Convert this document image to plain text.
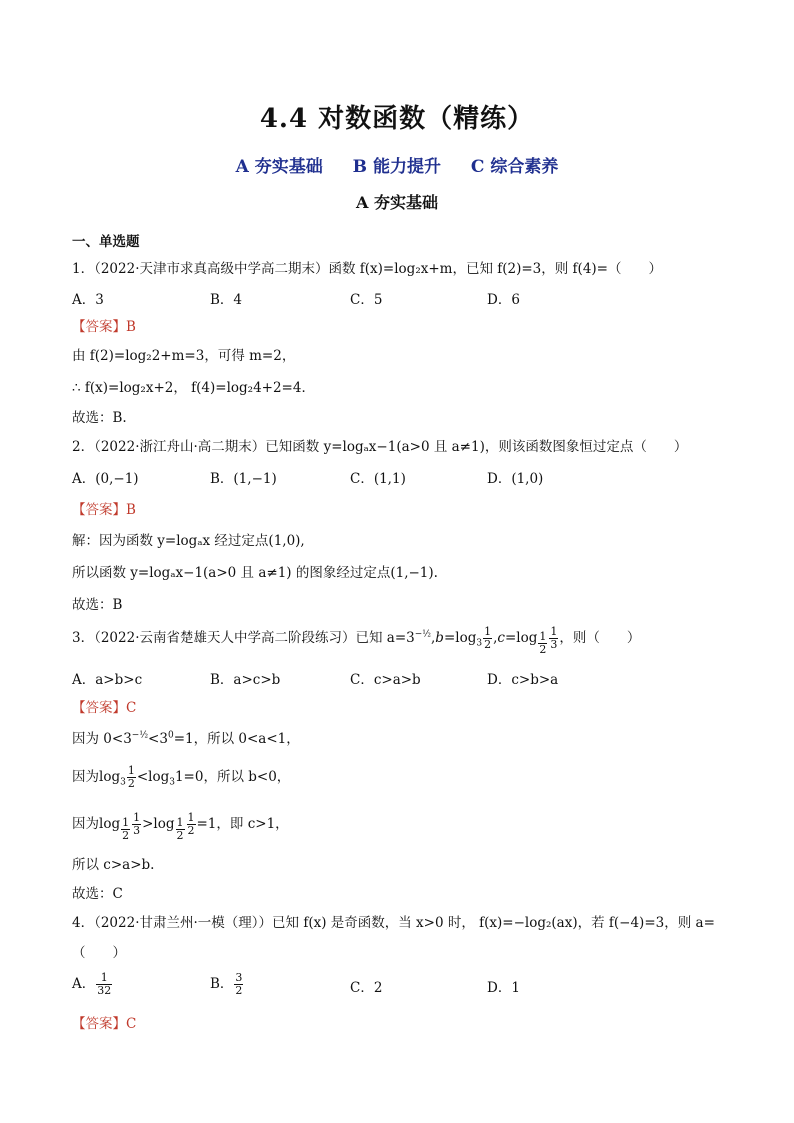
4.4 对数函数（精练）
A 夯实基础 B 能力提升 C 综合素养
A 夯实基础
一、单选题
1．（2022·天津市求真高级中学高二期末）函数 f(x)=log₂x+m，已知 f(2)=3，则 f(4)=（　　）
A．3	B．4	C．5	D．6
【答案】B
由 f(2)=log₂2+m=3，可得 m=2，
∴ f(x)=log₂x+2， f(4)=log₂4+2=4．
故选：B.
2．（2022·浙江舟山·高二期末）已知函数 y=logₐx−1(a>0 且 a≠1)，则该函数图象恒过定点（　　）
A．(0,−1)	B．(1,−1)	C．(1,1)	D．(1,0)
【答案】B
解：因为函数 y=logₐx 经过定点(1,0),
所以函数 y=logₐx−1(a>0 且 a≠1) 的图象经过定点(1,−1).
故选：B
3．（2022·云南省楚雄天人中学高二阶段练习）已知 $a=3^{-\frac{1}{2}},b=\log_3 \frac{1}{2} ,c=\log$ $_{\frac{1}{2}} \frac{1}{3}$ ，则（　　）
A．a>b>c	B．a>c>b	C．c>a>b	D．c>b>a
【答案】C
因为 $0<3^{-\frac{1}{2}}<3^0=1$，所以 0<a<1，
因为$\log_3 \frac{1}{2} <\log_31=0$，所以 b<0，
因为$\log _{\frac{1}{2}} \frac{1}{3} >\log$ $_{\frac{1}{2}} \frac{1}{2} =1$，即 c>1，
所以 c>a>b.
故选：C
4．（2022·甘肃兰州·一模（理））已知 f(x) 是奇函数，当 x>0 时， f(x)=−log₂(ax)，若 f(−4)=3，则 a=
（　　）
A． $\frac{1}{32}$	B． $\frac{3}{2}$	C．2	D．1
【答案】C
